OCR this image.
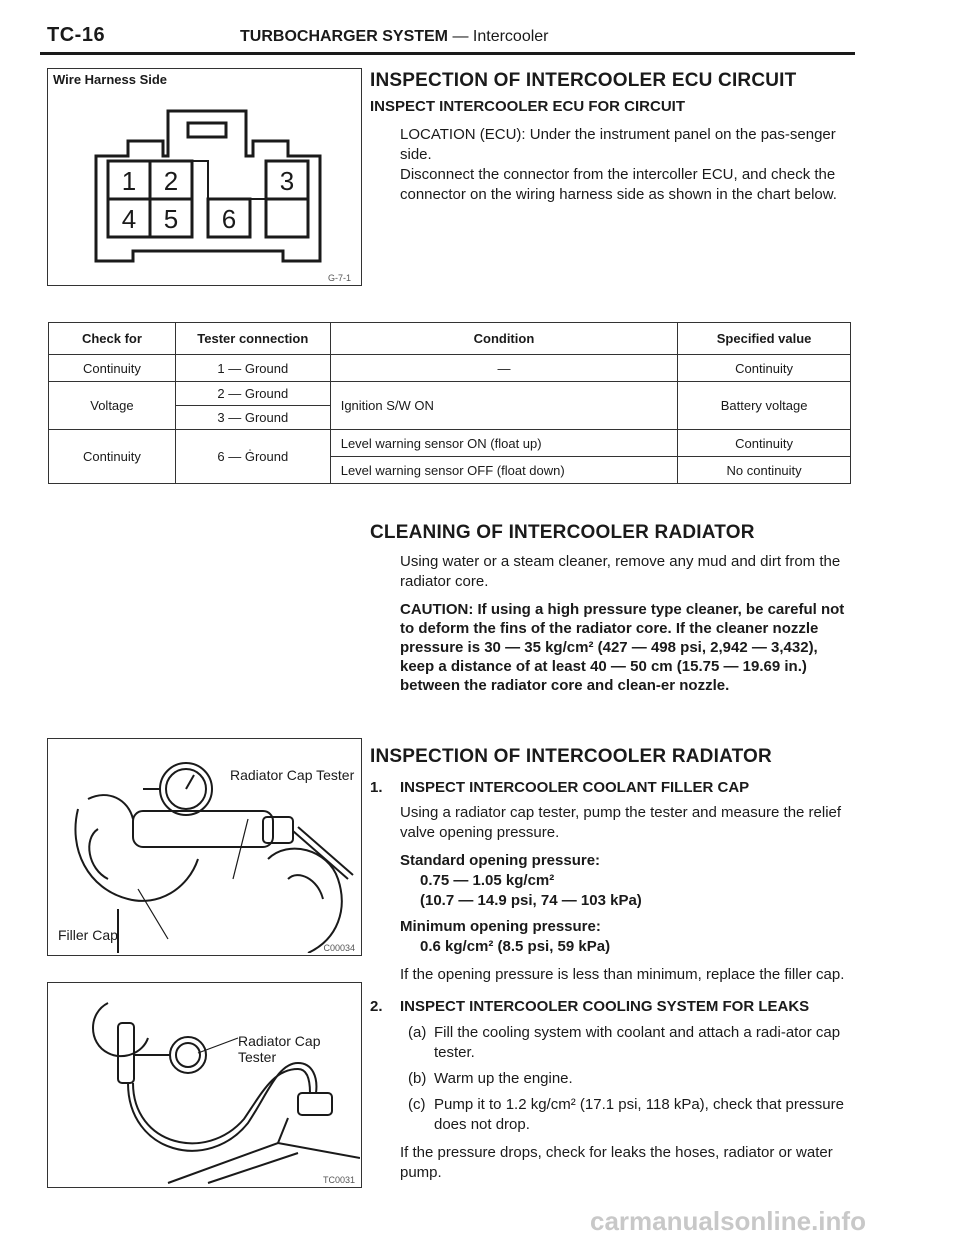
TC-16	TURBOCHARGER SYSTEM — Intercooler
Wire Harness Side
1 2	3
4 5 6
G-7-1
INSPECTION OF INTERCOOLER ECU CIRCUIT
INSPECT INTERCOOLER ECU FOR CIRCUIT

LOCATION (ECU): Under the instrument panel on the pas-senger side.

Disconnect the connector from the intercoller ECU, and check the connector on the wiring harness side as shown in the chart below.

Check for	Tester connection	Condition	Specified value
Continuity	1 — Ground	—	Continuity
Voltage	2 — Ground	Ignition S/W ON	Battery voltage
	3 — Ground		
Continuity	6 — Ġround	Level warning sensor ON (float up)	Continuity
		Level warning sensor OFF (float down)	No continuity
CLEANING OF INTERCOOLER RADIATOR

Using water or a steam cleaner, remove any mud and dirt from the radiator core.

CAUTION: If using a high pressure type cleaner, be careful not to deform the fins of the radiator core. If the cleaner nozzle pressure is 30 — 35 kg/cm² (427 — 498 psi, 2,942 — 3,432), keep a distance of at least 40 — 50 cm (15.75 — 19.69 in.) between the radiator core and clean-er nozzle.

Radiator Cap Tester
Filler Cap
C00034
Radiator Cap Tester
TC0031
INSPECTION OF INTERCOOLER RADIATOR
1.	INSPECT INTERCOOLER COOLANT FILLER CAP

Using a radiator cap tester, pump the tester and measure the relief valve opening pressure.

Standard opening pressure:

0.75 — 1.05 kg/cm²

(10.7 — 14.9 psi, 74 — 103 kPa)

Minimum opening pressure:

0.6 kg/cm² (8.5 psi, 59 kPa)

If the opening pressure is less than minimum, replace the filler cap.

2.	INSPECT INTERCOOLER COOLING SYSTEM FOR LEAKS
(a) Fill the cooling system with coolant and attach a radi-ator cap tester.
(b) Warm up the engine.
(c) Pump it to 1.2 kg/cm² (17.1 psi, 118 kPa), check that pressure does not drop.

If the pressure drops, check for leaks the hoses, radiator or water pump.

carmanualsonline.info
